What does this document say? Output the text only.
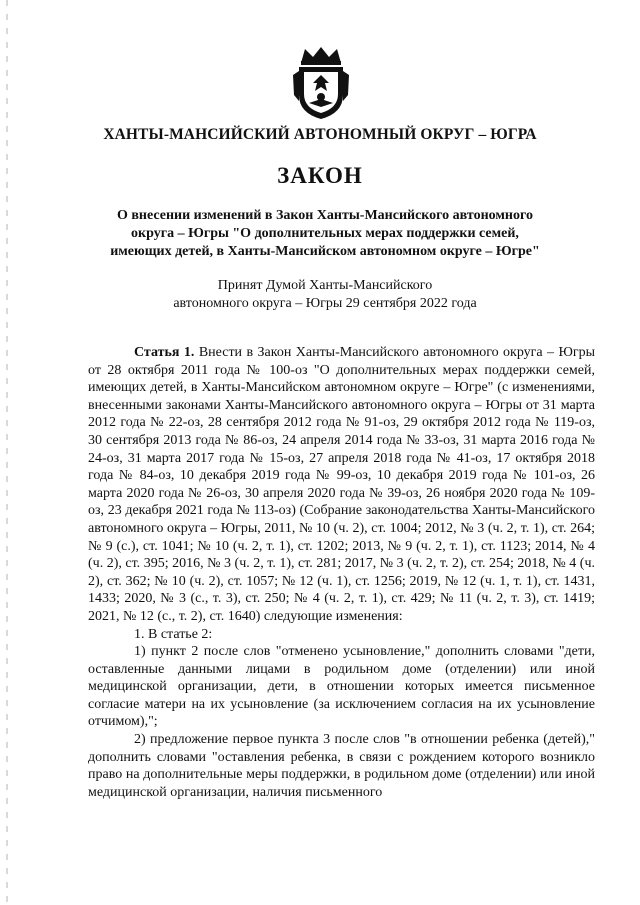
ХАНТЫ-МАНСИЙСКИЙ АВТОНОМНЫЙ ОКРУГ – ЮГРА
ЗАКОН
О внесении изменений в Закон Ханты-Мансийского автономного
округа – Югры "О дополнительных мерах поддержки семей,
имеющих детей, в Ханты-Мансийском автономном округе – Югре"
Принят Думой Ханты-Мансийского
автономного округа – Югры 29 сентября 2022 года

Статья 1. Внести в Закон Ханты-Мансийского автономного округа – Югры от 28 октября 2011 года № 100-оз "О дополнительных мерах поддержки семей, имеющих детей, в Ханты-Мансийском автономном округе – Югре" (с изменениями, внесенными законами Ханты-Мансийского автономного округа – Югры от 31 марта 2012 года № 22-оз, 28 сентября 2012 года № 91-оз, 29 октября 2012 года № 119-оз, 30 сентября 2013 года № 86-оз, 24 апреля 2014 года № 33-оз, 31 марта 2016 года № 24-оз, 31 марта 2017 года № 15-оз, 27 апреля 2018 года № 41-оз, 17 октября 2018 года № 84-оз, 10 декабря 2019 года № 99-оз, 10 декабря 2019 года № 101-оз, 26 марта 2020 года № 26-оз, 30 апреля 2020 года № 39-оз, 26 ноября 2020 года № 109-оз, 23 декабря 2021 года № 113-оз) (Собрание законодательства Ханты-Мансийского автономного округа – Югры, 2011, № 10 (ч. 2), ст. 1004; 2012, № 3 (ч. 2, т. 1), ст. 264; № 9 (с.), ст. 1041; № 10 (ч. 2, т. 1), ст. 1202; 2013, № 9 (ч. 2, т. 1), ст. 1123; 2014, № 4 (ч. 2), ст. 395; 2016, № 3 (ч. 2, т. 1), ст. 281; 2017, № 3 (ч. 2, т. 2), ст. 254; 2018, № 4 (ч. 2), ст. 362; № 10 (ч. 2), ст. 1057; № 12 (ч. 1), ст. 1256; 2019, № 12 (ч. 1, т. 1), ст. 1431, 1433; 2020, № 3 (с., т. 3), ст. 250; № 4 (ч. 2, т. 1), ст. 429; № 11 (ч. 2, т. 3), ст. 1419; 2021, № 12 (с., т. 2), ст. 1640) следующие изменения:

1. В статье 2:

1) пункт 2 после слов "отменено усыновление," дополнить словами "дети, оставленные данными лицами в родильном доме (отделении) или иной медицинской организации, дети, в отношении которых имеется письменное согласие матери на их усыновление (за исключением согласия на их усыновление отчимом),";

2) предложение первое пункта 3 после слов "в отношении ребенка (детей)," дополнить словами "оставления ребенка, в связи с рождением которого возникло право на дополнительные меры поддержки, в родильном доме (отделении) или иной медицинской организации, наличия письменного
